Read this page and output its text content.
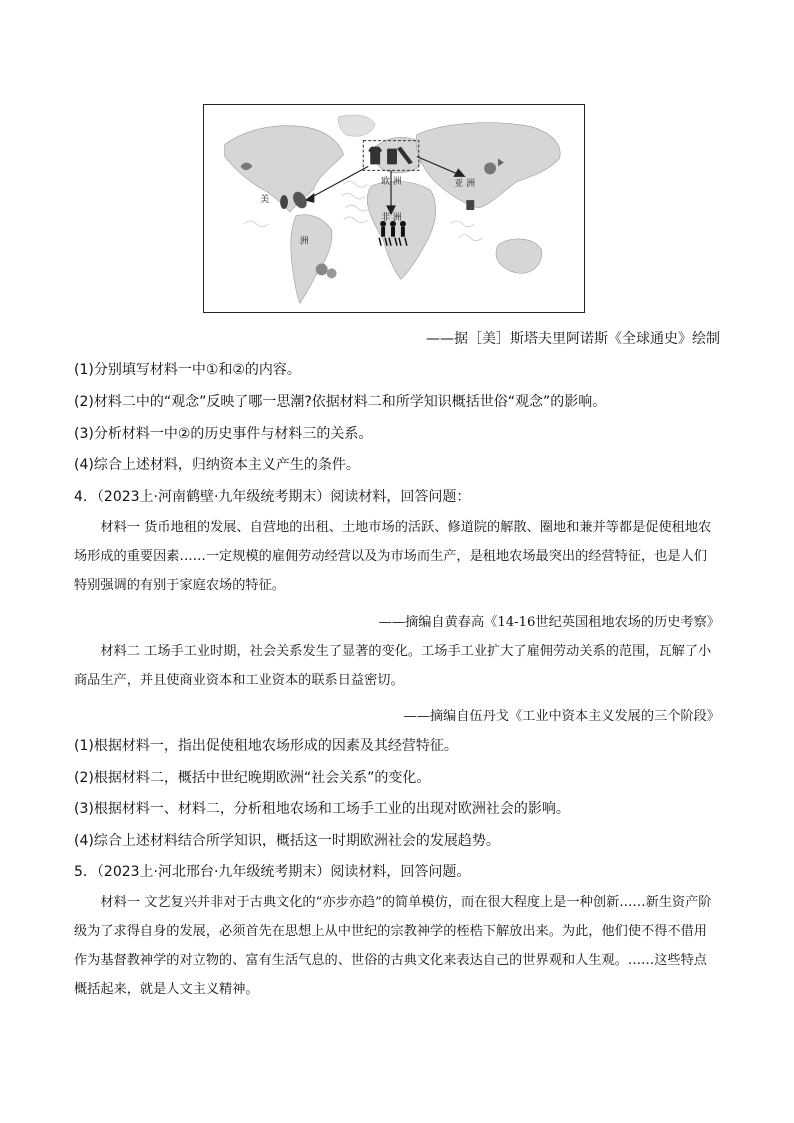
美
洲
欧 洲
非 洲
亚 洲
——据［美］斯塔夫里阿诺斯《全球通史》绘制
(1)分别填写材料一中①和②的内容。
(2)材料二中的“观念”反映了哪一思潮?依据材料二和所学知识概括世俗“观念”的影响。
(3)分析材料一中②的历史事件与材料三的关系。
(4)综合上述材料，归纳资本主义产生的条件。
4．（2023上·河南鹤壁·九年级统考期末）阅读材料，回答问题：

材料一 货币地租的发展、自营地的出租、土地市场的活跃、修道院的解散、圈地和兼并等都是促使租地农场形成的重要因素……一定规模的雇佣劳动经营以及为市场而生产，是租地农场最突出的经营特征，也是人们特别强调的有别于家庭农场的特征。

——摘编自黄春高《14-16世纪英国租地农场的历史考察》

材料二 工场手工业时期，社会关系发生了显著的变化。工场手工业扩大了雇佣劳动关系的范围，瓦解了小商品生产，并且使商业资本和工业资本的联系日益密切。

——摘编自伍丹戈《工业中资本主义发展的三个阶段》
(1)根据材料一，指出促使租地农场形成的因素及其经营特征。
(2)根据材料二，概括中世纪晚期欧洲“社会关系”的变化。
(3)根据材料一、材料二，分析租地农场和工场手工业的出现对欧洲社会的影响。
(4)综合上述材料结合所学知识，概括这一时期欧洲社会的发展趋势。
5．（2023上·河北邢台·九年级统考期末）阅读材料，回答问题。

材料一 文艺复兴并非对于古典文化的“亦步亦趋”的简单模仿，而在很大程度上是一种创新……新生资产阶级为了求得自身的发展，必须首先在思想上从中世纪的宗教神学的桎梏下解放出来。为此，他们使不得不借用作为基督教神学的对立物的、富有生活气息的、世俗的古典文化来表达自己的世界观和人生观。……这些特点概括起来，就是人文主义精神。
